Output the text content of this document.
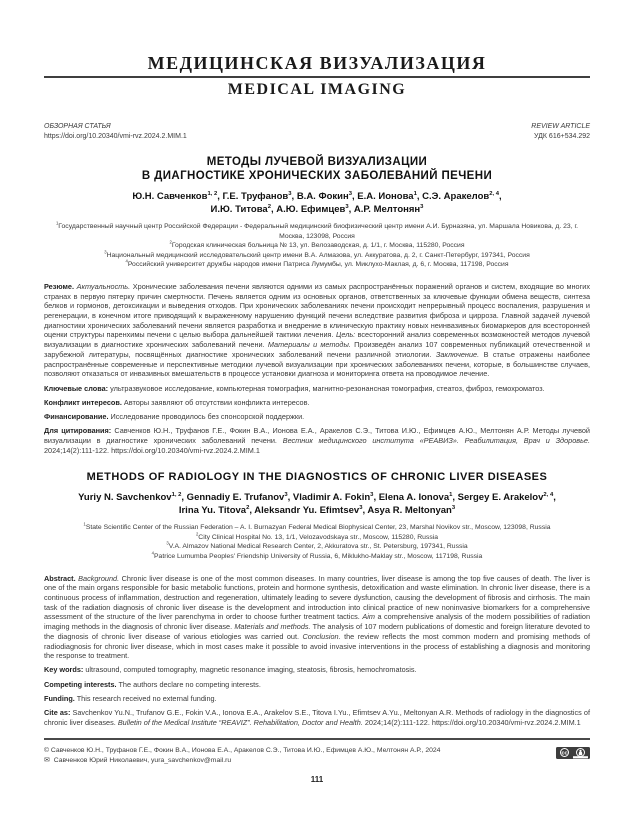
МЕДИЦИНСКАЯ ВИЗУАЛИЗАЦИЯ
MEDICAL IMAGING
ОБЗОРНАЯ СТАТЬЯ
https://doi.org/10.20340/vmi-rvz.2024.2.MIM.1
REVIEW ARTICLE
УДК 616+534.292
МЕТОДЫ ЛУЧЕВОЙ ВИЗУАЛИЗАЦИИ
В ДИАГНОСТИКЕ ХРОНИЧЕСКИХ ЗАБОЛЕВАНИЙ ПЕЧЕНИ
Ю.Н. Савченков$^{1, 2}$, Г.Е. Труфанов$^3$, В.А. Фокин$^3$, Е.А. Ионова$^1$, С.Э. Аракелов$^{2, 4}$,
И.Ю. Титова$^2$, А.Ю. Ефимцев$^3$, А.Р. Мелтонян$^3$
$^1$Государственный научный центр Российской Федерации - Федеральный медицинский биофизический центр имени А.И. Бурназяна, ул. Маршала Новикова, д. 23, г. Москва, 123098, Россия
$^2$Городская клиническая больница № 13, ул. Велозаводская, д. 1/1, г. Москва, 115280, Россия
$^3$Национальный медицинский исследовательский центр имени В.А. Алмазова, ул. Аккуратова, д. 2, г. Санкт-Петербург, 197341, Россия
$^4$Российский университет дружбы народов имени Патриса Лумумбы, ул. Миклухо-Маклая, д. 6, г. Москва, 117198, Россия

Резюме. Актуальность. Хронические заболевания печени являются одними из самых распространённых поражений органов и систем, входящие во многих странах в первую пятерку причин смертности. Печень является одним из основных органов, ответственных за ключевые функции обмена веществ, синтеза белков и гормонов, детоксикации и выведения отходов. При хронических заболеваниях печени происходит непрерывный процесс воспаления, разрушения и регенерации, в конечном итоге приводящий к выраженному нарушению функций печени вследствие развития фиброза и цирроза. Главной задачей лучевой диагностики хронических заболеваний печени является разработка и внедрение в клиническую практику новых неинвазивных биомаркеров для всесторонней оценки структуры паренхимы печени с целью выбора дальнейшей тактики лечения. Цель: всесторонний анализ современных возможностей методов лучевой визуализации в диагностике хронических заболеваний печени. Материалы и методы. Произведён анализ 107 современных публикаций отечественной и зарубежной литературы, посвящённых диагностике хронических заболеваний печени различной этиологии. Заключение. В статье отражены наиболее распространённые современные и перспективные методики лучевой визуализации при хронических заболеваниях печени, которые, в большинстве случаев, позволяют отказаться от инвазивных вмешательств в процессе установки диагноза и мониторинга ответа на проводимое лечение.

Ключевые слова: ультразвуковое исследование, компьютерная томография, магнитно-резонансная томография, стеатоз, фиброз, гемохроматоз.

Конфликт интересов. Авторы заявляют об отсутствии конфликта интересов.

Финансирование. Исследование проводилось без спонсорской поддержки.

Для цитирования: Савченков Ю.Н., Труфанов Г.Е., Фокин В.А., Ионова Е.А., Аракелов С.Э., Титова И.Ю., Ефимцев А.Ю., Мелтонян А.Р. Методы лучевой визуализации в диагностике хронических заболеваний печени. Вестник медицинского института «РЕАВИЗ». Реабилитация, Врач и Здоровье. 2024;14(2):111-122. https://doi.org/10.20340/vmi-rvz.2024.2.MIM.1

METHODS OF RADIOLOGY IN THE DIAGNOSTICS OF CHRONIC LIVER DISEASES
Yuriy N. Savchenkov$^{1, 2}$, Gennadiy E. Trufanov$^3$, Vladimir A. Fokin$^3$, Elena A. Ionova$^1$, Sergey E. Arakelov$^{2, 4}$,
Irina Yu. Titova$^2$, Aleksandr Yu. Efimtsev$^3$, Asya R. Meltonyan$^3$
$^1$State Scientific Center of the Russian Federation – A. I. Burnazyan Federal Medical Biophysical Center, 23, Marshal Novikov str., Moscow, 123098, Russia
$^2$City Clinical Hospital No. 13, 1/1, Velozavodskaya str., Moscow, 115280, Russia
$^3$V.A. Almazov National Medical Research Center, 2, Akkuratova str., St. Petersburg, 197341, Russia
$^4$Patrice Lumumba Peoples' Friendship University of Russia, 6, Miklukho-Maklay str., Moscow, 117198, Russia

Abstract. Background. Chronic liver disease is one of the most common diseases. In many countries, liver disease is among the top five causes of death. The liver is one of the main organs responsible for basic metabolic functions, protein and hormone synthesis, detoxification and waste elimination. In chronic liver disease, there is a continuous process of inflammation, destruction and regeneration, ultimately leading to severe dysfunction, causing the development of fibrosis and cirrhosis. The main task of the radiation diagnosis of chronic liver disease is the development and introduction into clinical practice of new noninvasive biomarkers for a comprehensive assessment of the structure of the liver parenchyma in order to choose further treatment tactics. Aim a comprehensive analysis of the modern possibilities of radiation imaging methods in the diagnosis of chronic liver disease. Materials and methods. The analysis of 107 modern publications of domestic and foreign literature devoted to the diagnosis of chronic liver disease of various etiologies was carried out. Conclusion. the review reflects the most common modern and promising methods of radiodiagnosis for chronic liver disease, which in most cases make it possible to avoid invasive interventions in the process of establishing a diagnosis and monitoring the response to treatment.

Key words: ultrasound, computed tomography, magnetic resonance imaging, steatosis, fibrosis, hemochromatosis.

Competing interests. The authors declare no competing interests.

Funding. This research received no external funding.

Cite as: Savchenkov Yu.N., Trufanov G.E., Fokin V.A., Ionova E.A., Arakelov S.E., Titova I.Yu., Efimtsev A.Yu., Meltonyan A.R. Methods of radiology in the diagnostics of chronic liver diseases. Bulletin of the Medical Institute “REAVIZ”. Rehabilitation, Doctor and Health. 2024;14(2):111-122. https://doi.org/10.20340/vmi-rvz.2024.2.MIM.1

© Савченков Ю.Н., Труфанов Г.Е., Фокин В.А., Ионова Е.А., Аракелов С.Э., Титова И.Ю., Ефимцев А.Ю., Мелтонян А.Р., 2024
✉ Савченков Юрий Николаевич, yura_savchenkov@mail.ru
cc
111
